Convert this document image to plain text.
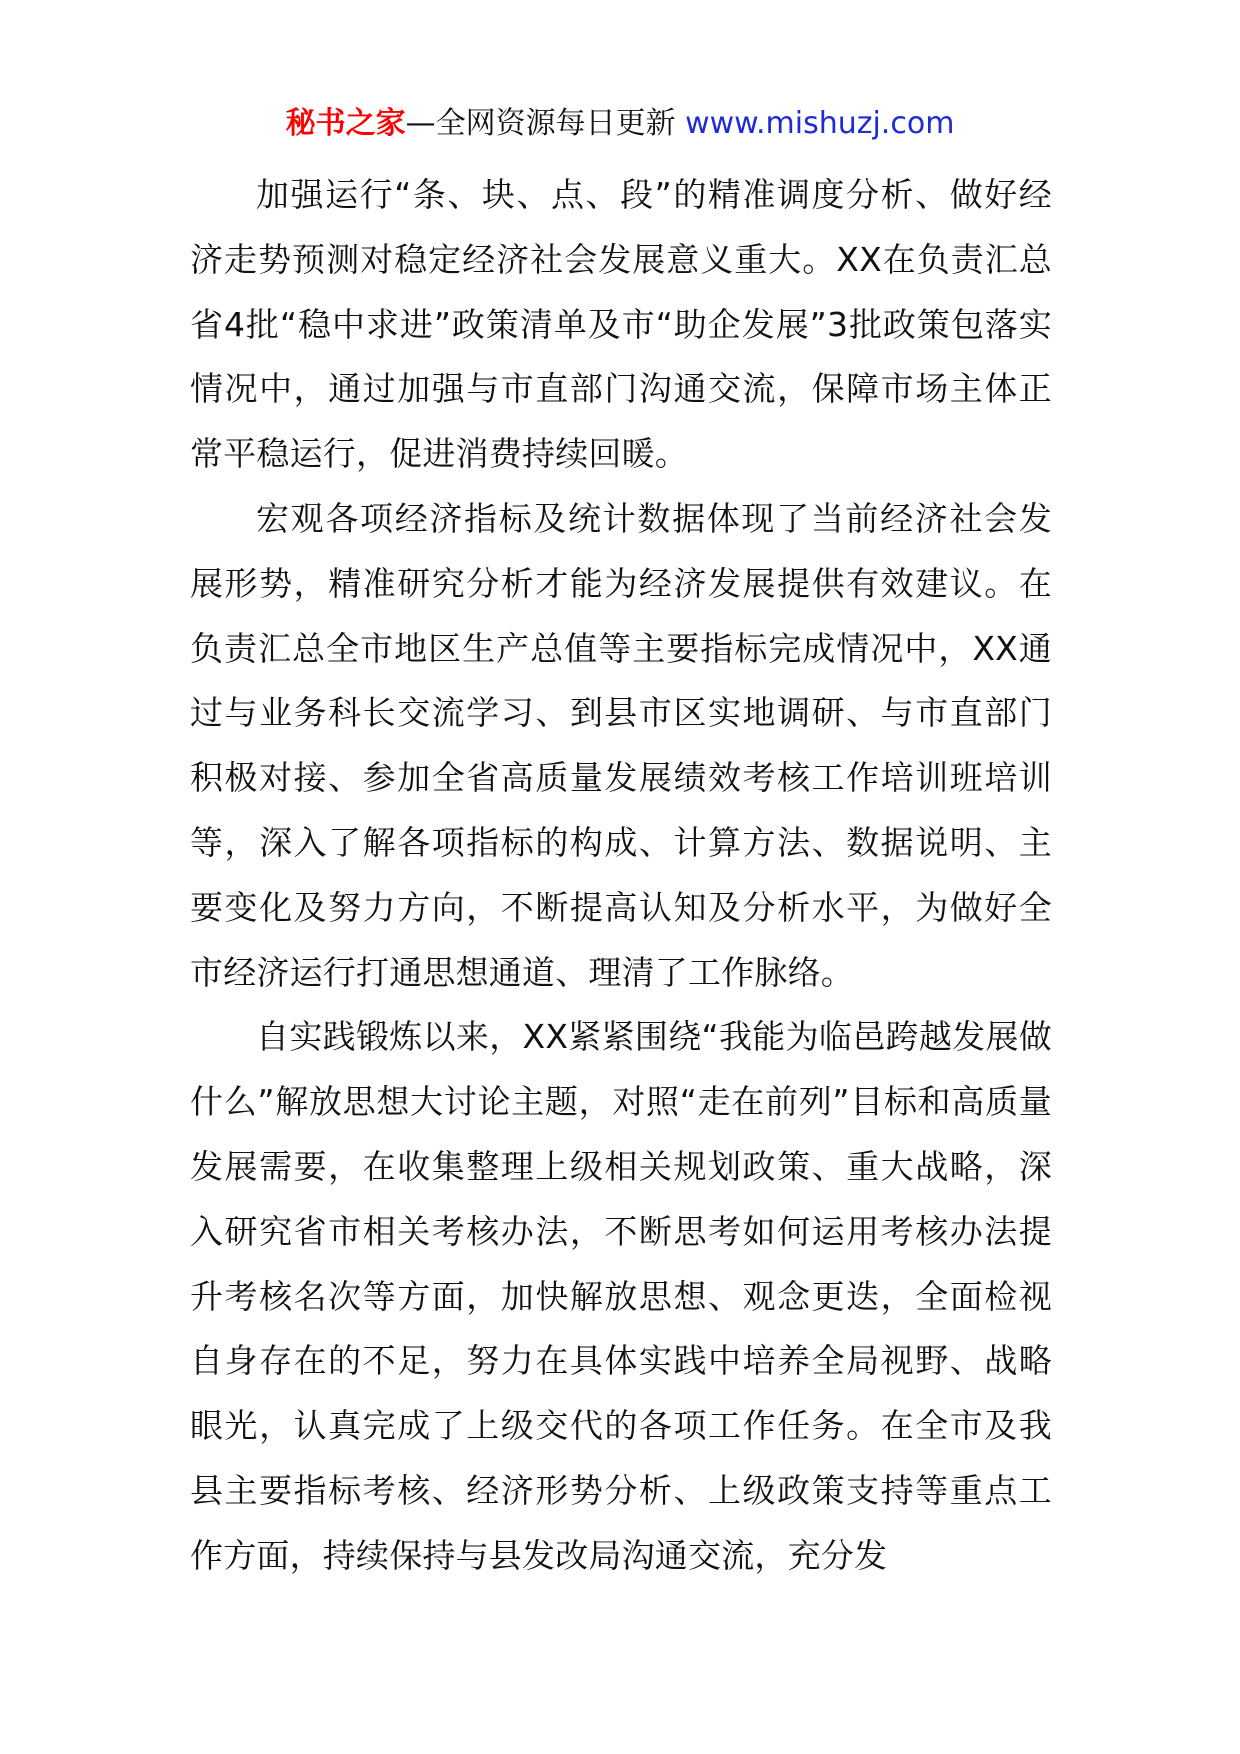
秘书之家—全网资源每日更新 www.mishuzj.com

加强运行“条、块、点、段”的精准调度分析、做好经济走势预测对稳定经济社会发展意义重大。XX在负责汇总省4批“稳中求进”政策清单及市“助企发展”3批政策包落实情况中，通过加强与市直部门沟通交流，保障市场主体正常平稳运行，促进消费持续回暖。

宏观各项经济指标及统计数据体现了当前经济社会发展形势，精准研究分析才能为经济发展提供有效建议。在负责汇总全市地区生产总值等主要指标完成情况中，XX通过与业务科长交流学习、到县市区实地调研、与市直部门积极对接、参加全省高质量发展绩效考核工作培训班培训等，深入了解各项指标的构成、计算方法、数据说明、主要变化及努力方向，不断提高认知及分析水平，为做好全市经济运行打通思想通道、理清了工作脉络。

自实践锻炼以来，XX紧紧围绕“我能为临邑跨越发展做什么”解放思想大讨论主题，对照“走在前列”目标和高质量发展需要，在收集整理上级相关规划政策、重大战略，深入研究省市相关考核办法，不断思考如何运用考核办法提升考核名次等方面，加快解放思想、观念更迭，全面检视自身存在的不足，努力在具体实践中培养全局视野、战略眼光，认真完成了上级交代的各项工作任务。在全市及我县主要指标考核、经济形势分析、上级政策支持等重点工作方面，持续保持与县发改局沟通交流，充分发
